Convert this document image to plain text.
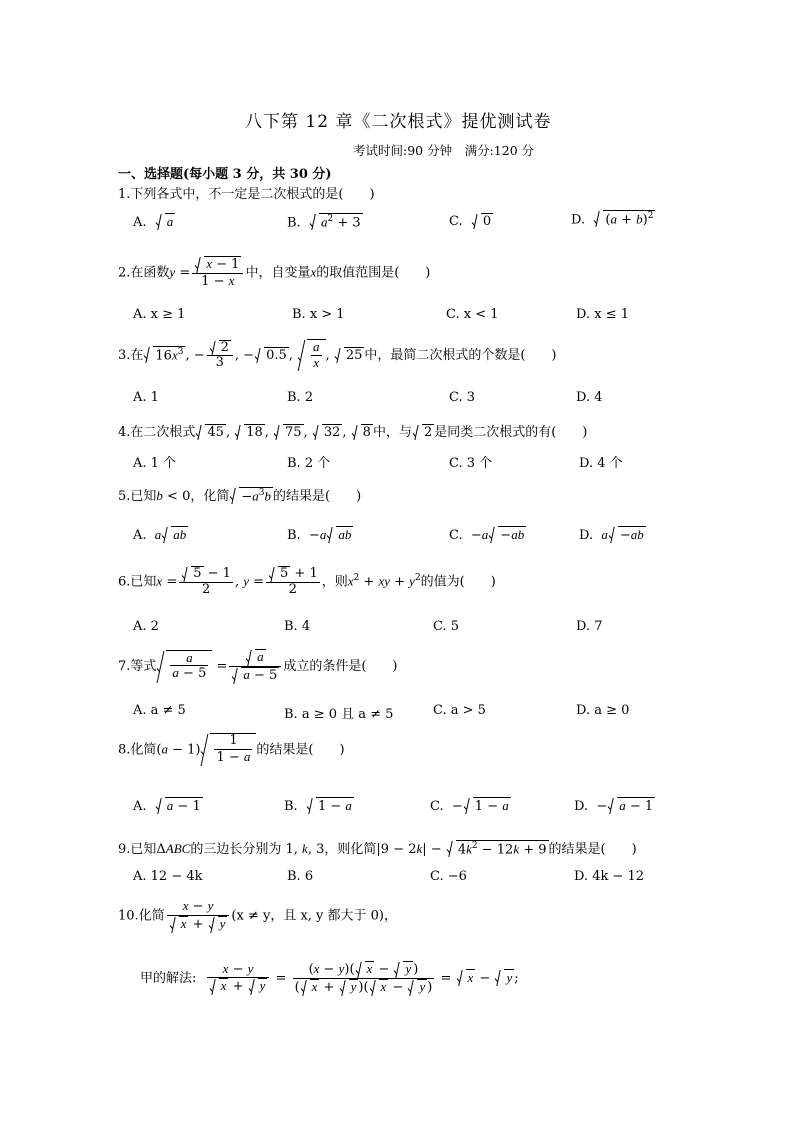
八下第 12 章《二次根式》提优测试卷
考试时间:90 分钟　满分:120 分
一、选择题(每小题 3 分，共 30 分)
1.下列各式中，不一定是二次根式的是(　　)
A. a	B. $a^2 + 3$	C. 0	D. $(a + b)^2$
2.在函数$y = \frac{x - 1}{1 - x}$ 中，自变量x的取值范围是(　　)
A. x ≥ 1	B. x > 1	C. x < 1	D. x ≤ 1
3.在 $16x^3$ , − $\frac{2}{3}$ , − 0.5 , $\frac{a}{x}$ , 25 中，最简二次根式的个数是(　　)
A. 1	B. 2	C. 3	D. 4
4.在二次根式 45 , 18 , 75 , 32 , 8 中，与 2 是同类二次根式的有(　　)
A. 1 个	B. 2 个	C. 3 个	D. 4 个
5.已知b < 0，化简 $-a^3b$ 的结果是(　　)
A. a ab	B.  −a ab	C.  −a −ab	D. a −ab
6.已知$x = \frac{5 - 1}{2}$ , $y = \frac{5 + 1}{2}$ ，则$x^2$ + xy + $y^2$的值为(　　)
A. 2	B. 4	C. 5	D. 7
7.等式 $\frac{a}{a - 5} = \frac{a}{a - 5}$ 成立的条件是(　　)
A. a ≠ 5	B. a ≥ 0 且 a ≠ 5	C. a > 5	D. a ≥ 0
8.化简$(a - 1) \frac{1}{1 - a}$ 的结果是(　　)
A. a − 1	B. 1 − a	C.  − 1 − a	D.  − a − 1
9.已知ΔABC的三边长分别为 1, k, 3，则化简$|9 - 2k| - 4k^2 - 12k + 9$ 的结果是(　　)
A. 12 − 4k	B. 6	C. −6	D. 4k − 12
10.化简 $\frac{x - y}{x + y} (x \ne y$，且 x, y 都大于 0)，
甲的解法: $\frac{x - y}{x + y} = \frac{(x - y)( x - y )}{( x + y )( x - y )} = x - y$ ;
